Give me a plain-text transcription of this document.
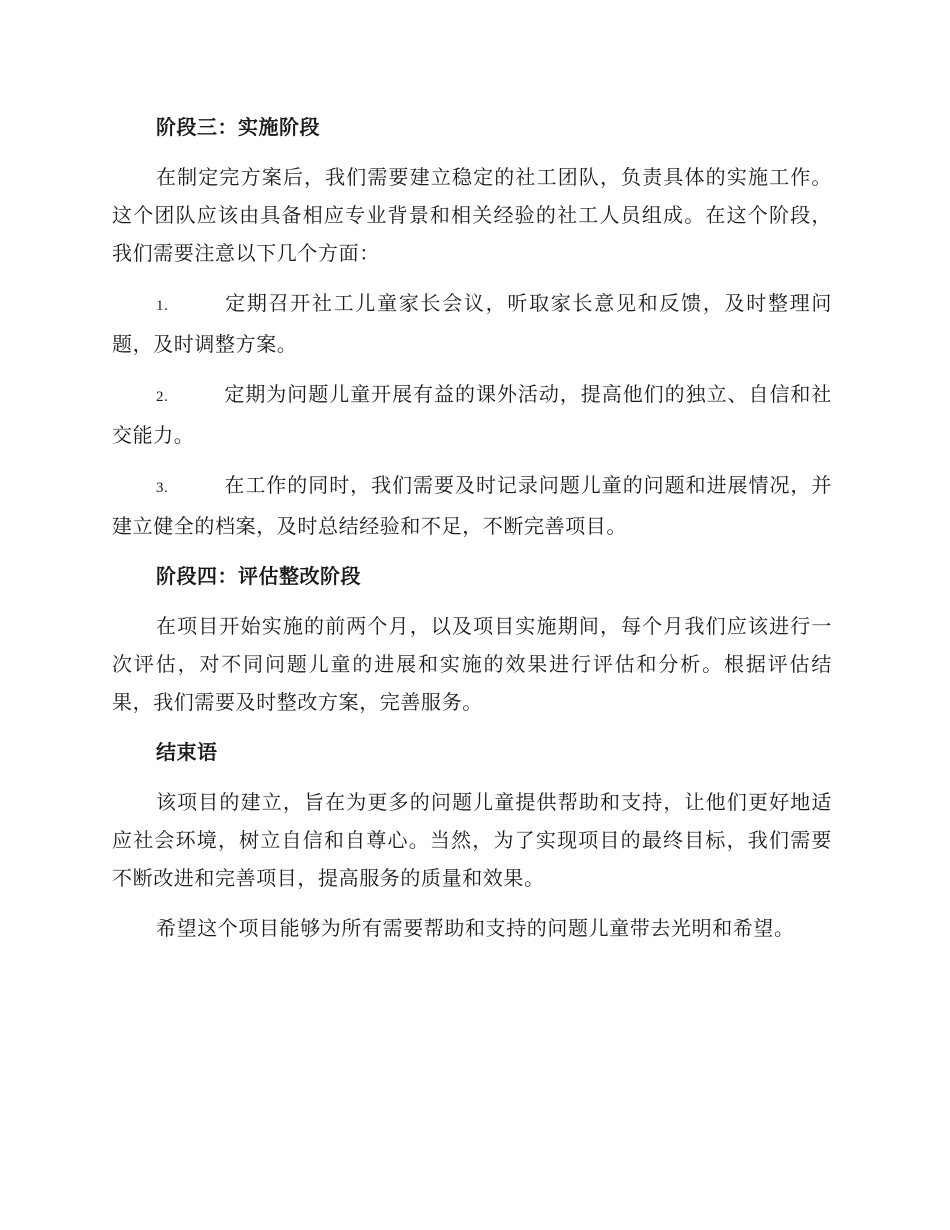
阶段三：实施阶段

在制定完方案后，我们需要建立稳定的社工团队，负责具体的实施工作。这个团队应该由具备相应专业背景和相关经验的社工人员组成。在这个阶段，我们需要注意以下几个方面：

1.	定期召开社工儿童家长会议，听取家长意见和反馈，及时整理问题，及时调整方案。

2.	定期为问题儿童开展有益的课外活动，提高他们的独立、自信和社交能力。

3.	在工作的同时，我们需要及时记录问题儿童的问题和进展情况，并建立健全的档案，及时总结经验和不足，不断完善项目。

阶段四：评估整改阶段

在项目开始实施的前两个月，以及项目实施期间，每个月我们应该进行一次评估，对不同问题儿童的进展和实施的效果进行评估和分析。根据评估结果，我们需要及时整改方案，完善服务。

结束语

该项目的建立，旨在为更多的问题儿童提供帮助和支持，让他们更好地适应社会环境，树立自信和自尊心。当然，为了实现项目的最终目标，我们需要不断改进和完善项目，提高服务的质量和效果。

希望这个项目能够为所有需要帮助和支持的问题儿童带去光明和希望。
